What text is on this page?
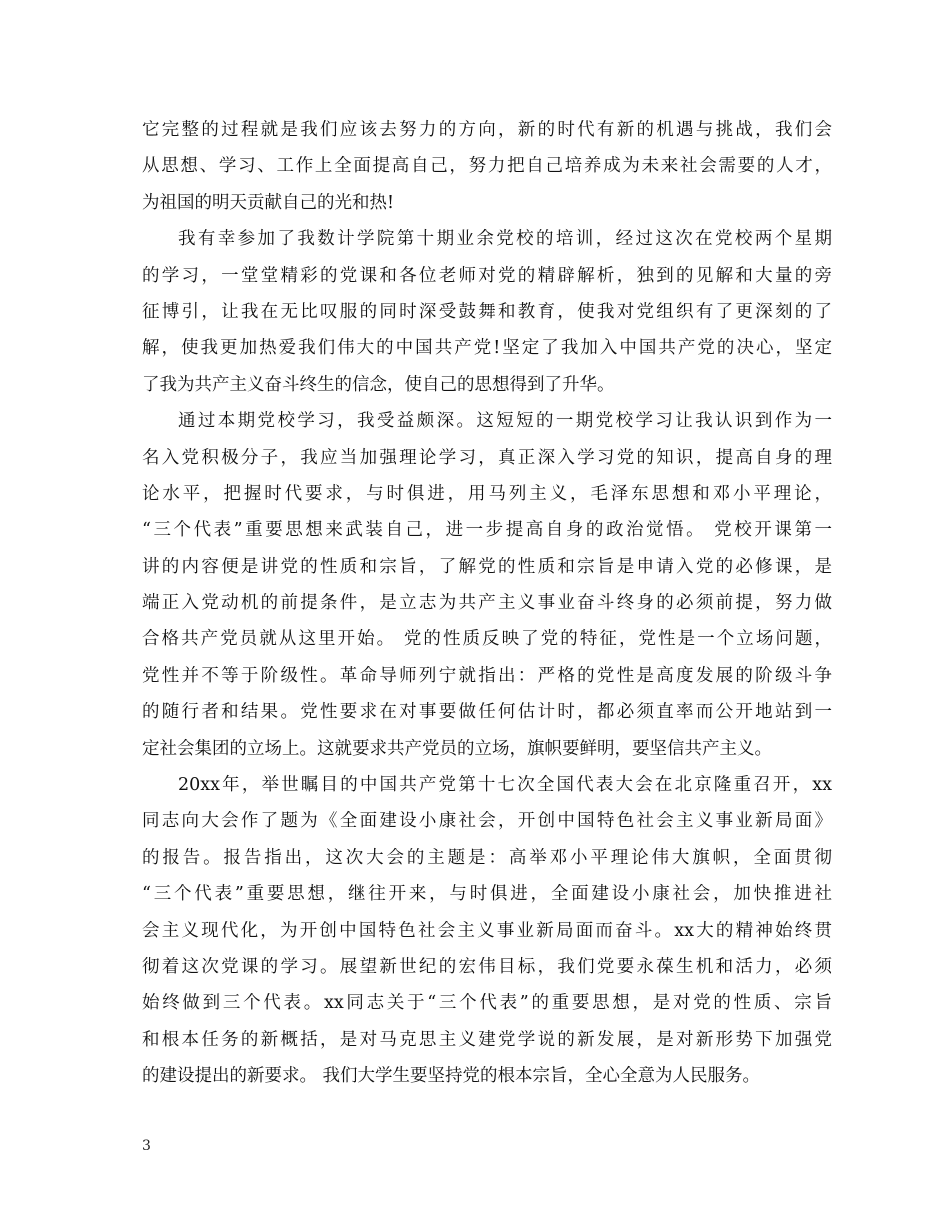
它完整的过程就是我们应该去努力的方向，新的时代有新的机遇与挑战，我们会
从思想、学习、工作上全面提高自己，努力把自己培养成为未来社会需要的人才，
为祖国的明天贡献自己的光和热!
我有幸参加了我数计学院第十期业余党校的培训，经过这次在党校两个星期
的学习，一堂堂精彩的党课和各位老师对党的精辟解析，独到的见解和大量的旁
征博引，让我在无比叹服的同时深受鼓舞和教育，使我对党组织有了更深刻的了
解，使我更加热爱我们伟大的中国共产党!坚定了我加入中国共产党的决心，坚定
了我为共产主义奋斗终生的信念，使自己的思想得到了升华。
通过本期党校学习，我受益颇深。这短短的一期党校学习让我认识到作为一
名入党积极分子，我应当加强理论学习，真正深入学习党的知识，提高自身的理
论水平，把握时代要求，与时俱进，用马列主义，毛泽东思想和邓小平理论，
“三个代表”重要思想来武装自己，进一步提高自身的政治觉悟。 党校开课第一
讲的内容便是讲党的性质和宗旨，了解党的性质和宗旨是申请入党的必修课，是
端正入党动机的前提条件，是立志为共产主义事业奋斗终身的必须前提，努力做
合格共产党员就从这里开始。 党的性质反映了党的特征，党性是一个立场问题，
党性并不等于阶级性。革命导师列宁就指出：严格的党性是高度发展的阶级斗争
的随行者和结果。党性要求在对事要做任何估计时，都必须直率而公开地站到一
定社会集团的立场上。这就要求共产党员的立场，旗帜要鲜明，要坚信共产主义。
20xx年，举世瞩目的中国共产党第十七次全国代表大会在北京隆重召开，xx
同志向大会作了题为《全面建设小康社会，开创中国特色社会主义事业新局面》
的报告。报告指出，这次大会的主题是：高举邓小平理论伟大旗帜，全面贯彻
“三个代表”重要思想，继往开来，与时俱进，全面建设小康社会，加快推进社
会主义现代化，为开创中国特色社会主义事业新局面而奋斗。xx大的精神始终贯
彻着这次党课的学习。展望新世纪的宏伟目标，我们党要永葆生机和活力，必须
始终做到三个代表。xx同志关于“三个代表”的重要思想，是对党的性质、宗旨
和根本任务的新概括，是对马克思主义建党学说的新发展，是对新形势下加强党
的建设提出的新要求。 我们大学生要坚持党的根本宗旨，全心全意为人民服务。
3
